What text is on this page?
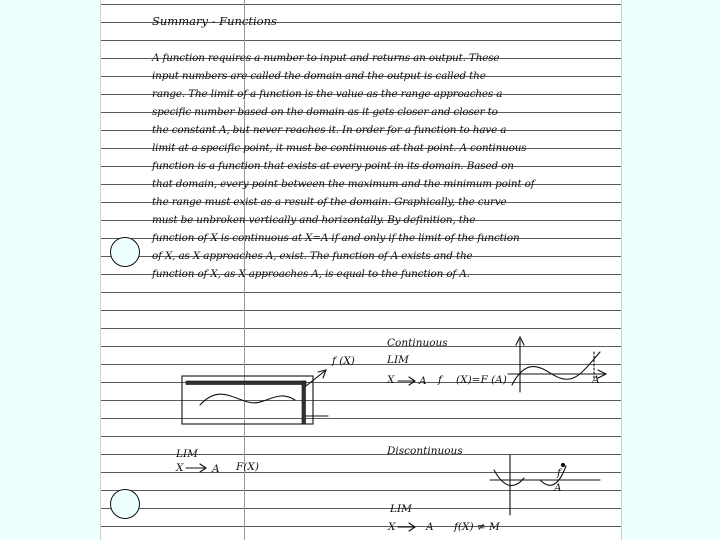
Summary - Functions
A function requires a number to input and returns an output. These
input numbers are called the domain and the output is called the
range. The limit of a function is the value as the range approaches a
specific number based on the domain as it gets closer and closer to
the constant A, but never reaches it. In order for a function to have a
limit at a specific point, it must be continuous at that point. A continuous
function is a function that exists at every point in its domain. Based on
that domain, every point between the maximum and the minimum point of
the range must exist as a result of the domain. Graphically, the curve
must be unbroken vertically and horizontally. By definition, the
function of X is continuous at X=A if and only if the limit of the function
of X, as X approaches A, exist. The function of A exists and the
function of X, as X approaches A, is equal to the function of A.
f (X)
LIM
X	A F(X)
Continuous
LIM
X A f (X)=F (A)	A
Discontinuous
A
f
LIM
X	A f(X) ≠ M
